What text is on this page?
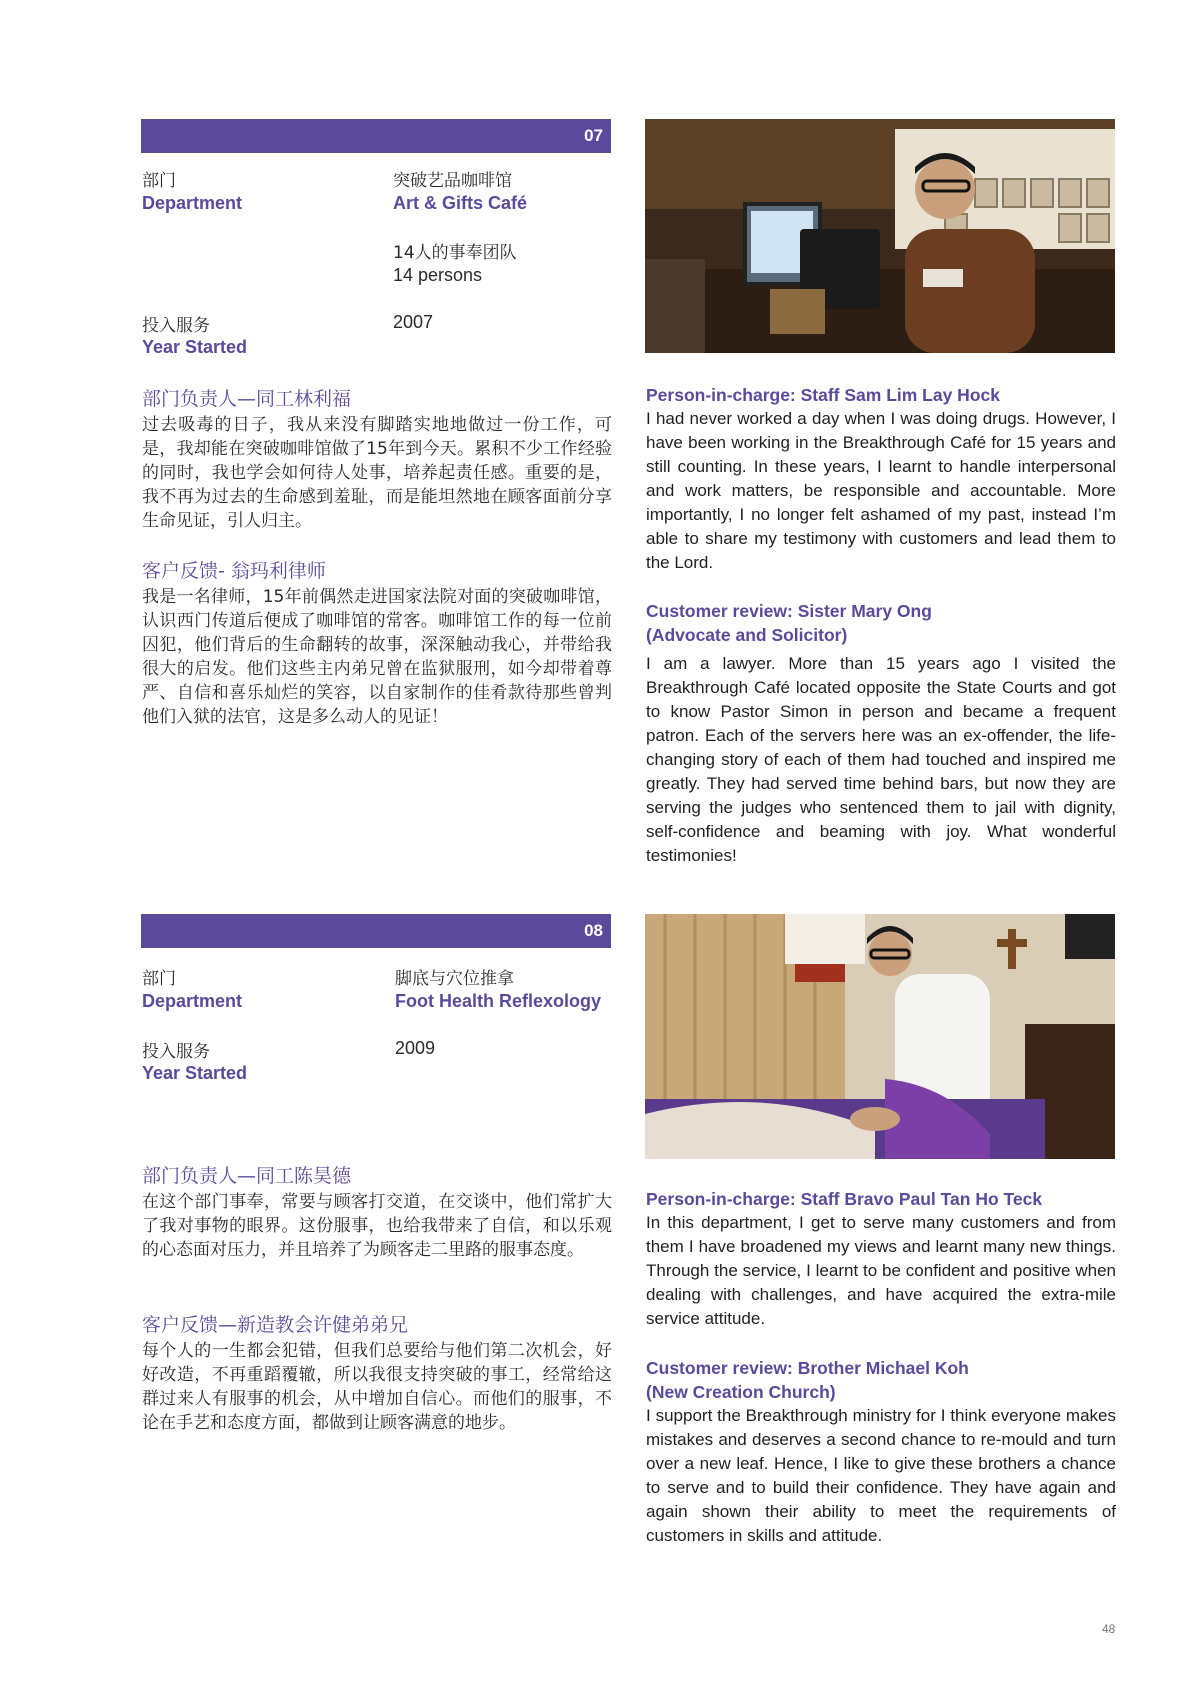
07
部门
Department
突破艺品咖啡馆
Art & Gifts Café
14人的事奉团队
14 persons
投入服务
Year Started
2007
部门负责人—同工林利福
过去吸毒的日子，我从来没有脚踏实地地做过一份工作，可是，我却能在突破咖啡馆做了15年到今天。累积不少工作经验的同时，我也学会如何待人处事，培养起责任感。重要的是，我不再为过去的生命感到羞耻，而是能坦然地在顾客面前分享生命见证，引人归主。
客户反馈- 翁玛利律师
我是一名律师，15年前偶然走进国家法院对面的突破咖啡馆，认识西门传道后便成了咖啡馆的常客。咖啡馆工作的每一位前囚犯，他们背后的生命翻转的故事，深深触动我心，并带给我很大的启发。他们这些主内弟兄曾在监狱服刑，如今却带着尊严、自信和喜乐灿烂的笑容，以自家制作的佳肴款待那些曾判他们入狱的法官，这是多么动人的见证！
Person-in-charge: Staff Sam Lim Lay Hock
I had never worked a day when I was doing drugs. However, I have been working in the Breakthrough Café for 15 years and still counting. In these years, I learnt to handle interpersonal and work matters, be responsible and accountable. More importantly, I no longer felt ashamed of my past, instead I’m able to share my testimony with customers and lead them to the Lord.
Customer review: Sister Mary Ong
(Advocate and Solicitor)
I am a lawyer. More than 15 years ago I visited the Breakthrough Café located opposite the State Courts and got to know Pastor Simon in person and became a frequent patron. Each of the servers here was an ex-offender, the life-changing story of each of them had touched and inspired me greatly. They had served time behind bars, but now they are serving the judges who sentenced them to jail with dignity, self-confidence and beaming with joy. What wonderful testimonies!
08
部门
Department
脚底与穴位推拿
Foot Health Reflexology
投入服务
Year Started
2009
部门负责人—同工陈昊德
在这个部门事奉，常要与顾客打交道，在交谈中，他们常扩大了我对事物的眼界。这份服事，也给我带来了自信，和以乐观的心态面对压力，并且培养了为顾客走二里路的服事态度。
客户反馈—新造教会许健弟弟兄
每个人的一生都会犯错，但我们总要给与他们第二次机会，好好改造，不再重蹈覆辙，所以我很支持突破的事工，经常给这群过来人有服事的机会，从中增加自信心。而他们的服事，不论在手艺和态度方面，都做到让顾客满意的地步。
Person-in-charge: Staff Bravo Paul Tan Ho Teck
In this department, I get to serve many customers and from them I have broadened my views and learnt many new things. Through the service, I learnt to be confident and positive when dealing with challenges, and have acquired the extra-mile service attitude.
Customer review: Brother Michael Koh
(New Creation Church)
I support the Breakthrough ministry for I think everyone makes mistakes and deserves a second chance to re-mould and turn over a new leaf. Hence, I like to give these brothers a chance to serve and to build their confidence. They have again and again shown their ability to meet the requirements of customers in skills and attitude.
48
